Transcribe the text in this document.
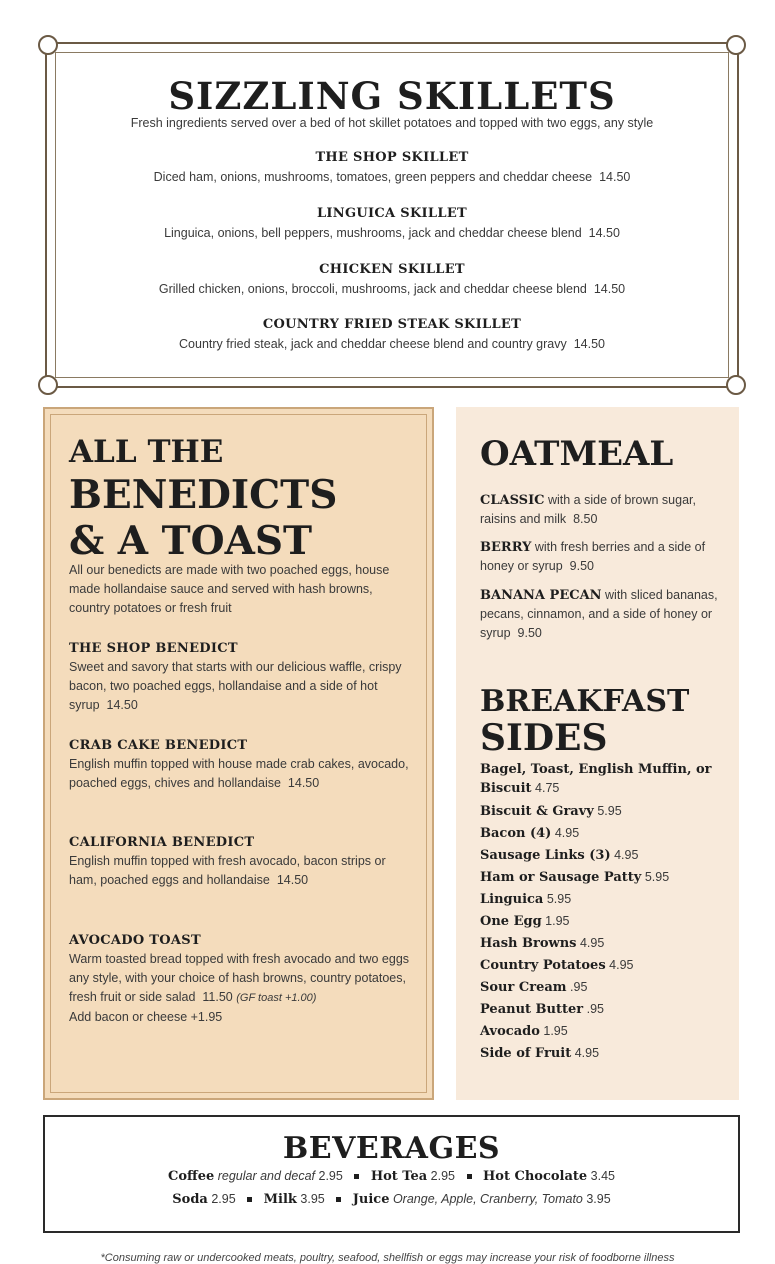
SIZZLING SKILLETS
Fresh ingredients served over a bed of hot skillet potatoes and topped with two eggs, any style
THE SHOP SKILLET
Diced ham, onions, mushrooms, tomatoes, green peppers and cheddar cheese 14.50
LINGUICA SKILLET
Linguica, onions, bell peppers, mushrooms, jack and cheddar cheese blend 14.50
CHICKEN SKILLET
Grilled chicken, onions, broccoli, mushrooms, jack and cheddar cheese blend 14.50
COUNTRY FRIED STEAK SKILLET
Country fried steak, jack and cheddar cheese blend and country gravy 14.50
ALL THE
BENEDICTS
& A TOAST
All our benedicts are made with two poached eggs, house made hollandaise sauce and served with hash browns, country potatoes or fresh fruit
THE SHOP BENEDICT
Sweet and savory that starts with our delicious waffle, crispy bacon, two poached eggs, hollandaise and a side of hot syrup 14.50
CRAB CAKE BENEDICT
English muffin topped with house made crab cakes, avocado, poached eggs, chives and hollandaise 14.50
CALIFORNIA BENEDICT
English muffin topped with fresh avocado, bacon strips or ham, poached eggs and hollandaise 14.50
AVOCADO TOAST
Warm toasted bread topped with fresh avocado and two eggs any style, with your choice of hash browns, country potatoes, fresh fruit or side salad 11.50 (GF toast +1.00)
Add bacon or cheese +1.95
OATMEAL
CLASSIC with a side of brown sugar, raisins and milk 8.50
BERRY with fresh berries and a side of honey or syrup 9.50
BANANA PECAN with sliced bananas, pecans, cinnamon, and a side of honey or syrup 9.50
BREAKFAST
SIDES
Bagel, Toast, English Muffin, or Biscuit 4.75
Biscuit & Gravy 5.95
Bacon (4) 4.95
Sausage Links (3) 4.95
Ham or Sausage Patty 5.95
Linguica 5.95
One Egg 1.95
Hash Browns 4.95
Country Potatoes 4.95
Sour Cream .95
Peanut Butter .95
Avocado 1.95
Side of Fruit 4.95
BEVERAGES
Coffee regular and decaf 2.95 Hot Tea 2.95 Hot Chocolate 3.45
Soda 2.95 Milk 3.95 Juice Orange, Apple, Cranberry, Tomato 3.95
*Consuming raw or undercooked meats, poultry, seafood, shellfish or eggs may increase your risk of foodborne illness
